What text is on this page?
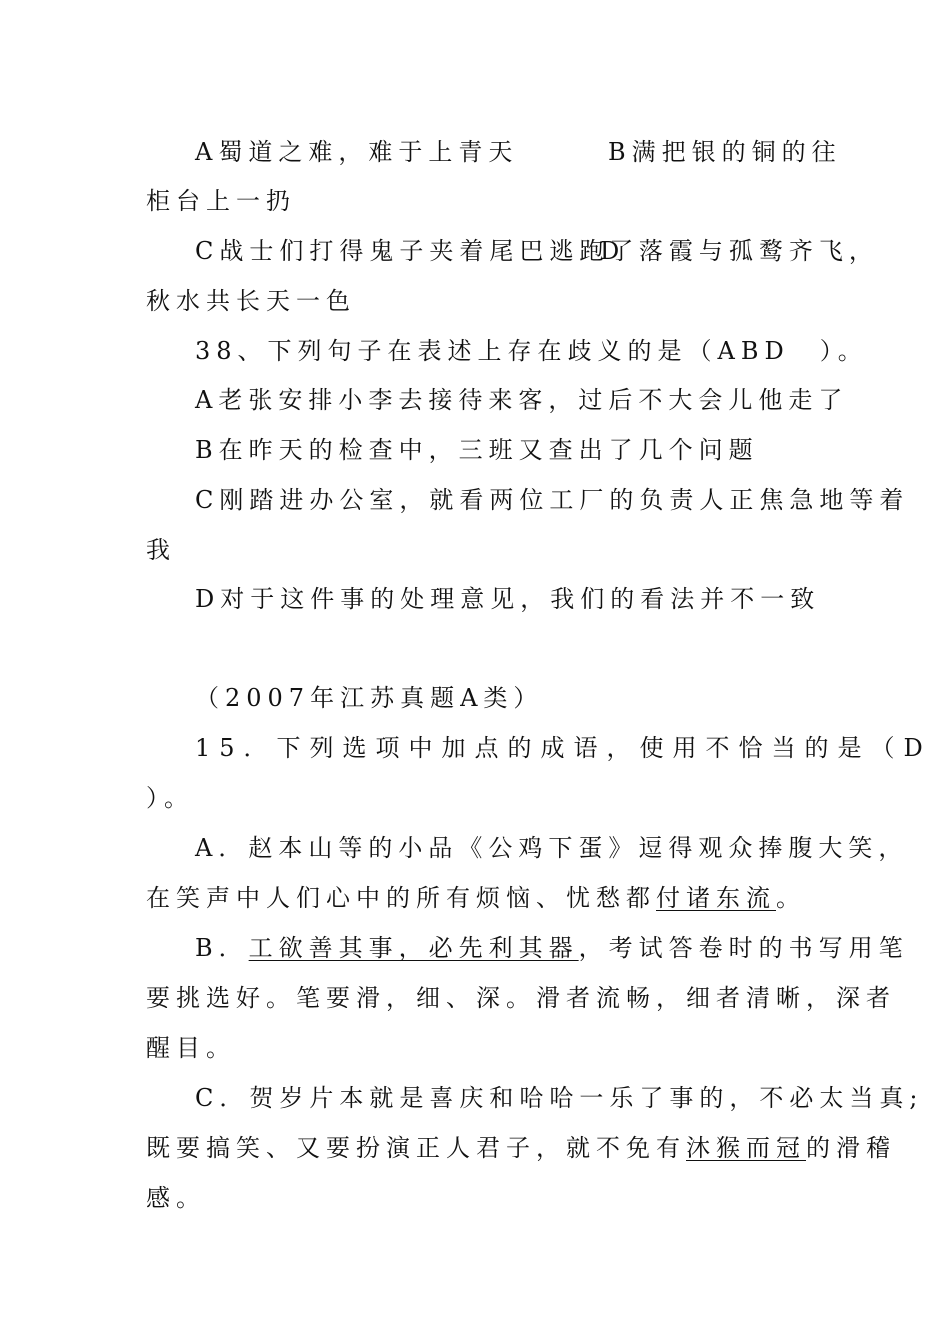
A蜀道之难，难于上青天	B满把银的铜的往
柜台上一扔
C战士们打得鬼子夹着尾巴逃跑了
D 落霞与孤鹜齐飞，
秋水共长天一色
38、下列句子在表述上存在歧义的是（ABD　）。
A老张安排小李去接待来客，过后不大会儿他走了
B在昨天的检查中，三班又查出了几个问题
C刚踏进办公室，就看两位工厂的负责人正焦急地等着
我
D对于这件事的处理意见，我们的看法并不一致
（2007年江苏真题A类）
15．下列选项中加点的成语，使用不恰当的是（D
）。
A．赵本山等的小品《公鸡下蛋》逗得观众捧腹大笑，
在笑声中人们心中的所有烦恼、忧愁都付诸东流。
B．工欲善其事，必先利其器，考试答卷时的书写用笔
要挑选好。笔要滑，细、深。滑者流畅，细者清晰，深者
醒目。
C．贺岁片本就是喜庆和哈哈一乐了事的，不必太当真;
既要搞笑、又要扮演正人君子，就不免有沐猴而冠的滑稽
感。
